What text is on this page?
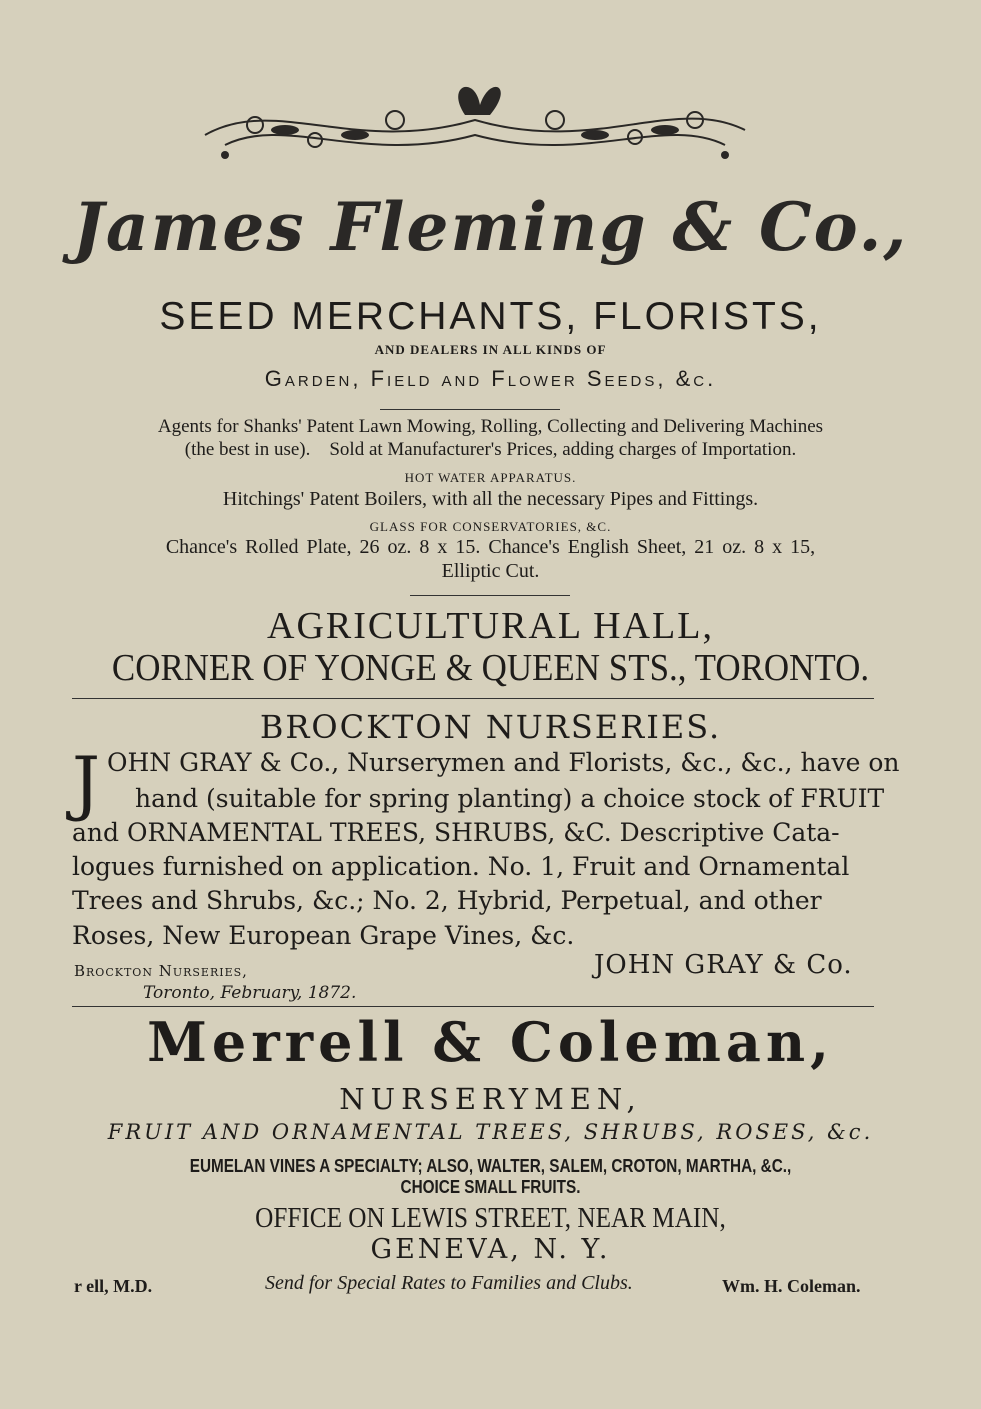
James Fleming & Co.,
SEED MERCHANTS, FLORISTS,
AND DEALERS IN ALL KINDS OF
Garden, Field and Flower Seeds, &c.
Agents for Shanks' Patent Lawn Mowing, Rolling, Collecting and Delivering Machines
(the best in use).    Sold at Manufacturer's Prices, adding charges of Importation.
HOT WATER APPARATUS.
Hitchings' Patent Boilers, with all the necessary Pipes and Fittings.
GLASS FOR CONSERVATORIES, &C.
Chance's Rolled Plate, 26 oz. 8 x 15. Chance's English Sheet, 21 oz. 8 x 15,
Elliptic Cut.
AGRICULTURAL HALL,
CORNER OF YONGE & QUEEN STS., TORONTO.
BROCKTON NURSERIES.
J OHN GRAY & Co., Nurserymen and Florists, &c., &c., have on
hand (suitable for spring planting) a choice stock of FRUIT
and ORNAMENTAL TREES, SHRUBS, &C. Descriptive Cata-
logues furnished on application. No. 1, Fruit and Ornamental
Trees and Shrubs, &c.; No. 2, Hybrid, Perpetual, and other
Roses, New European Grape Vines, &c.
Brockton Nurseries,
Toronto, February, 1872.
JOHN GRAY & Co.
Merrell & Coleman,
NURSERYMEN,
FRUIT AND ORNAMENTAL TREES, SHRUBS, ROSES, &c.
EUMELAN VINES A SPECIALTY; ALSO, WALTER, SALEM, CROTON, MARTHA, &C.,
CHOICE SMALL FRUITS.
OFFICE ON LEWIS STREET, NEAR MAIN,
GENEVA, N. Y.
r ell, M.D.	Send for Special Rates to Families and Clubs.	Wm. H. Coleman.
